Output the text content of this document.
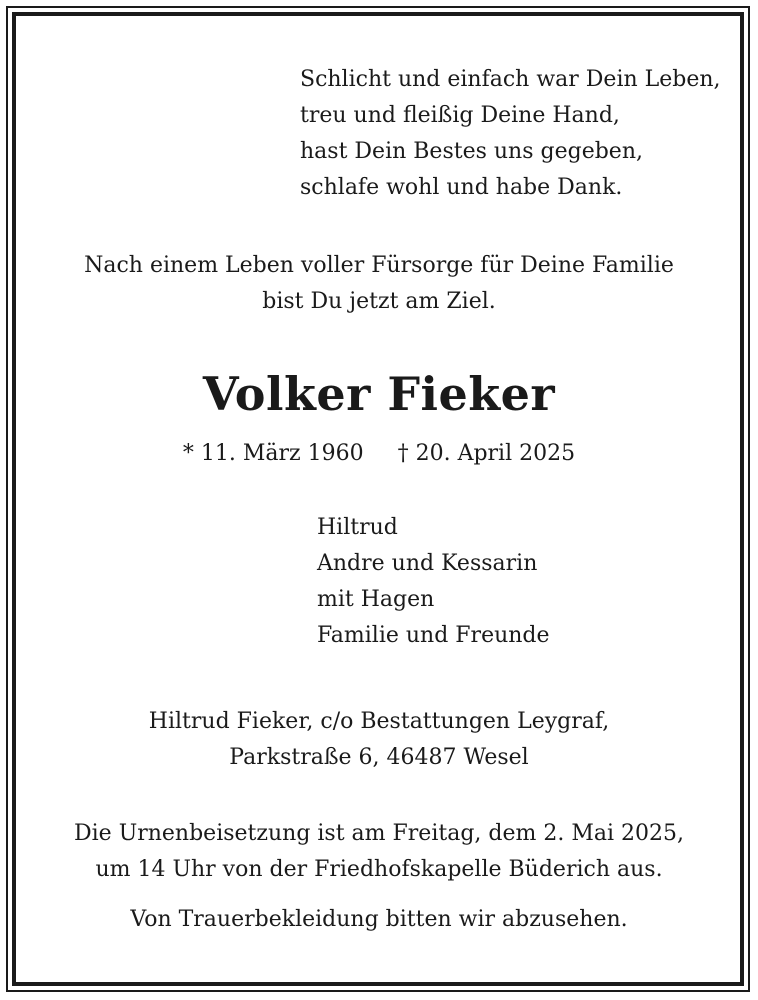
Schlicht und einfach war Dein Leben,
treu und fleißig Deine Hand,
hast Dein Bestes uns gegeben,
schlafe wohl und habe Dank.
Nach einem Leben voller Fürsorge für Deine Familie
bist Du jetzt am Ziel.
Volker Fieker
* 11. März 1960 † 20. April 2025
Hiltrud
Andre und Kessarin
mit Hagen
Familie und Freunde
Hiltrud Fieker, c/o Bestattungen Leygraf,
Parkstraße 6, 46487 Wesel
Die Urnenbeisetzung ist am Freitag, dem 2. Mai 2025,
um 14 Uhr von der Friedhofskapelle Büderich aus.
Von Trauerbekleidung bitten wir abzusehen.
